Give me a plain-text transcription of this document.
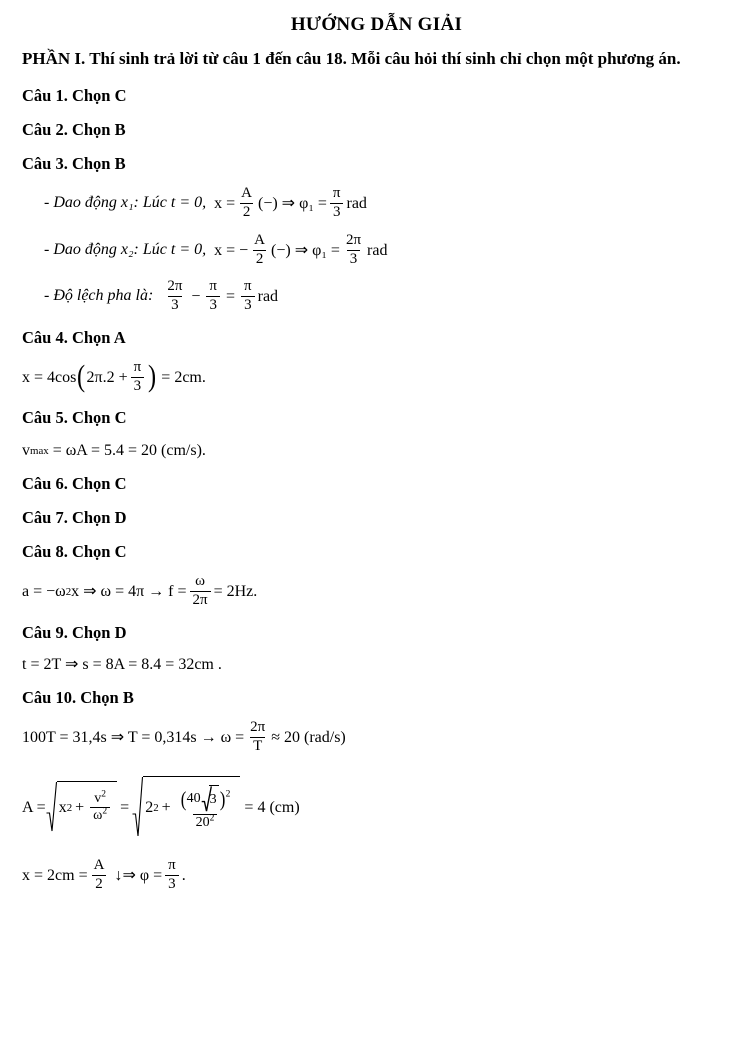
HƯỚNG DẪN GIẢI
PHẦN I. Thí sinh trả lời từ câu 1 đến câu 18. Mỗi câu hỏi thí sinh chỉ chọn một phương án.
Câu 1. Chọn C
Câu 2. Chọn B
Câu 3. Chọn B
- Dao động x₁: Lúc t = 0, $x = \frac{A}{2}$ (−) ⇒ $\varphi_1 = \frac{\pi}{3}$ rad
- Dao động x₂: Lúc t = 0, x = − $\frac{A}{2}$ (−) ⇒ $\varphi_1 = \frac{2\pi}{3}$ rad
- Độ lệch pha là: $\frac{2\pi}{3} - \frac{\pi}{3} = \frac{\pi}{3}$ rad
Câu 4. Chọn A
x = 4cos ( $2\pi.2 + \frac{\pi}{3}$ ) = 2cm .
Câu 5. Chọn C
v max = ωA = 5.4 = 20 (cm/s).
Câu 6. Chọn C
Câu 7. Chọn D
Câu 8. Chọn C
a = −ω 2 x ⇒ $\omega = 4\pi \to f = \frac{\omega}{2\pi} = 2Hz$ .
Câu 9. Chọn D
t = 2T ⇒ s = 8A = 8.4 = 32cm .
Câu 10. Chọn B
100T = 31,4s ⇒ $T = 0,314s \to \omega = \frac{2\pi}{T} \approx 20$ (rad/s)
A = x $2 + \frac{v^2}{\omega^2} = 2$ $2 + \frac{(40 3 )^2}{20^2} = 4$ (cm)
$x = 2cm = \frac{A}{2}$ ↓⇒ $\varphi = \frac{\pi}{3}$ .
